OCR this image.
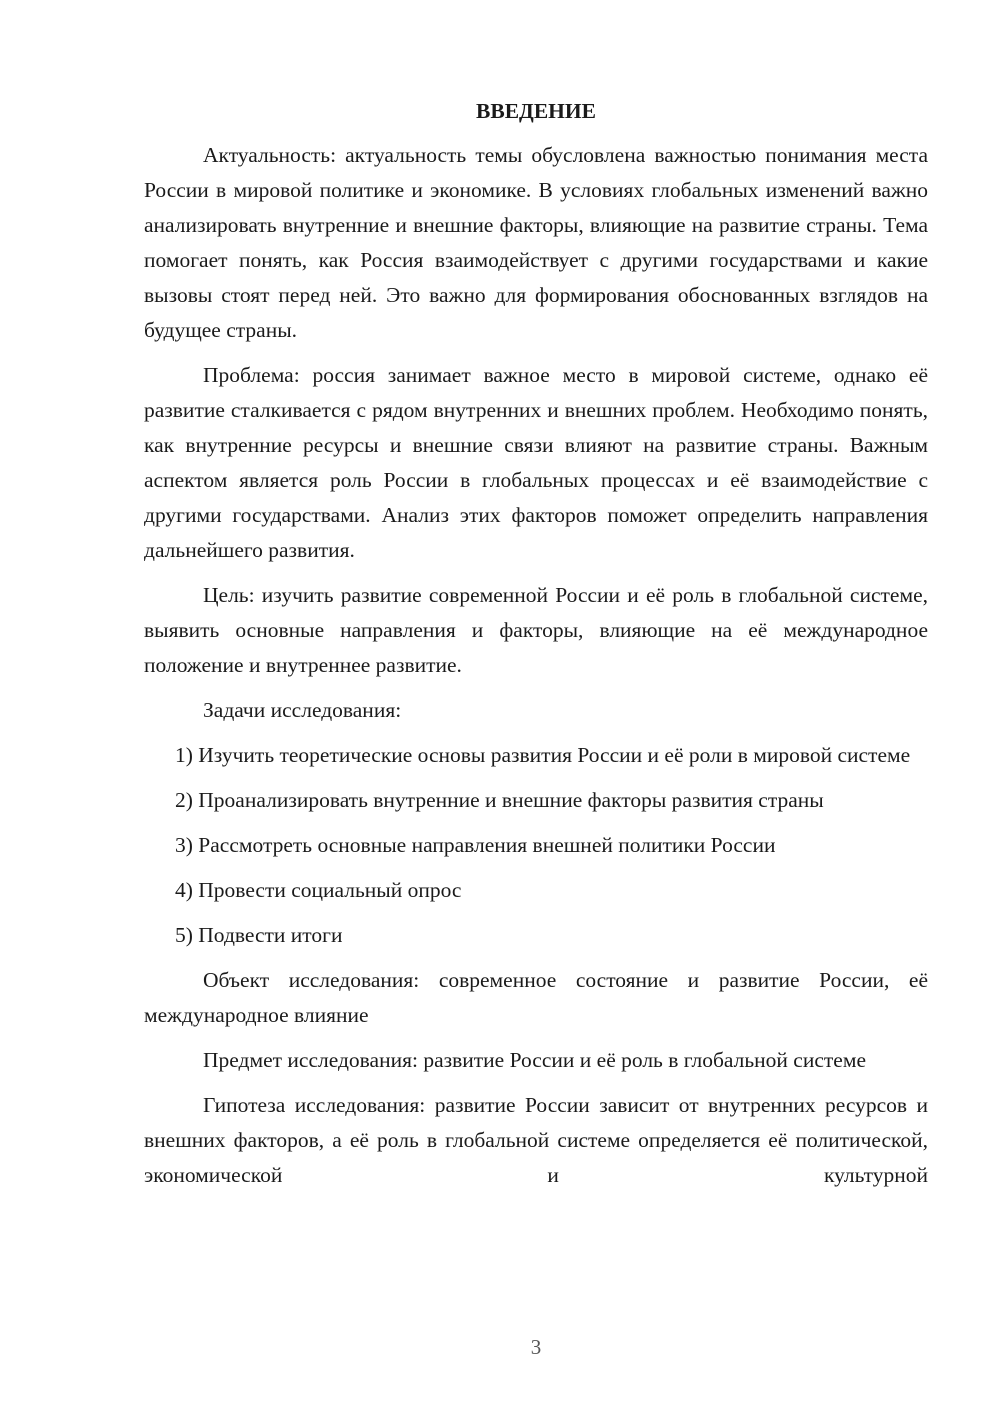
ВВЕДЕНИЕ

Актуальность: актуальность темы обусловлена важностью понимания места России в мировой политике и экономике. В условиях глобальных изменений важно анализировать внутренние и внешние факторы, влияющие на развитие страны. Тема помогает понять, как Россия взаимодействует с другими государствами и какие вызовы стоят перед ней. Это важно для формирования обоснованных взглядов на будущее страны.

Проблема: россия занимает важное место в мировой системе, однако её развитие сталкивается с рядом внутренних и внешних проблем. Необходимо понять, как внутренние ресурсы и внешние связи влияют на развитие страны. Важным аспектом является роль России в глобальных процессах и её взаимодействие с другими государствами. Анализ этих факторов поможет определить направления дальнейшего развития.

Цель: изучить развитие современной России и её роль в глобальной системе, выявить основные направления и факторы, влияющие на её международное положение и внутреннее развитие.

Задачи исследования:

1) Изучить теоретические основы развития России и её роли в мировой системе

2) Проанализировать внутренние и внешние факторы развития страны

3) Рассмотреть основные направления внешней политики России

4) Провести социальный опрос

5) Подвести итоги

Объект исследования: современное состояние и развитие России, её международное влияние

Предмет исследования: развитие России и её роль в глобальной системе

Гипотеза исследования: развитие России зависит от внутренних ресурсов и внешних факторов, а её роль в глобальной системе определяется её политической, экономической и культурной

3
